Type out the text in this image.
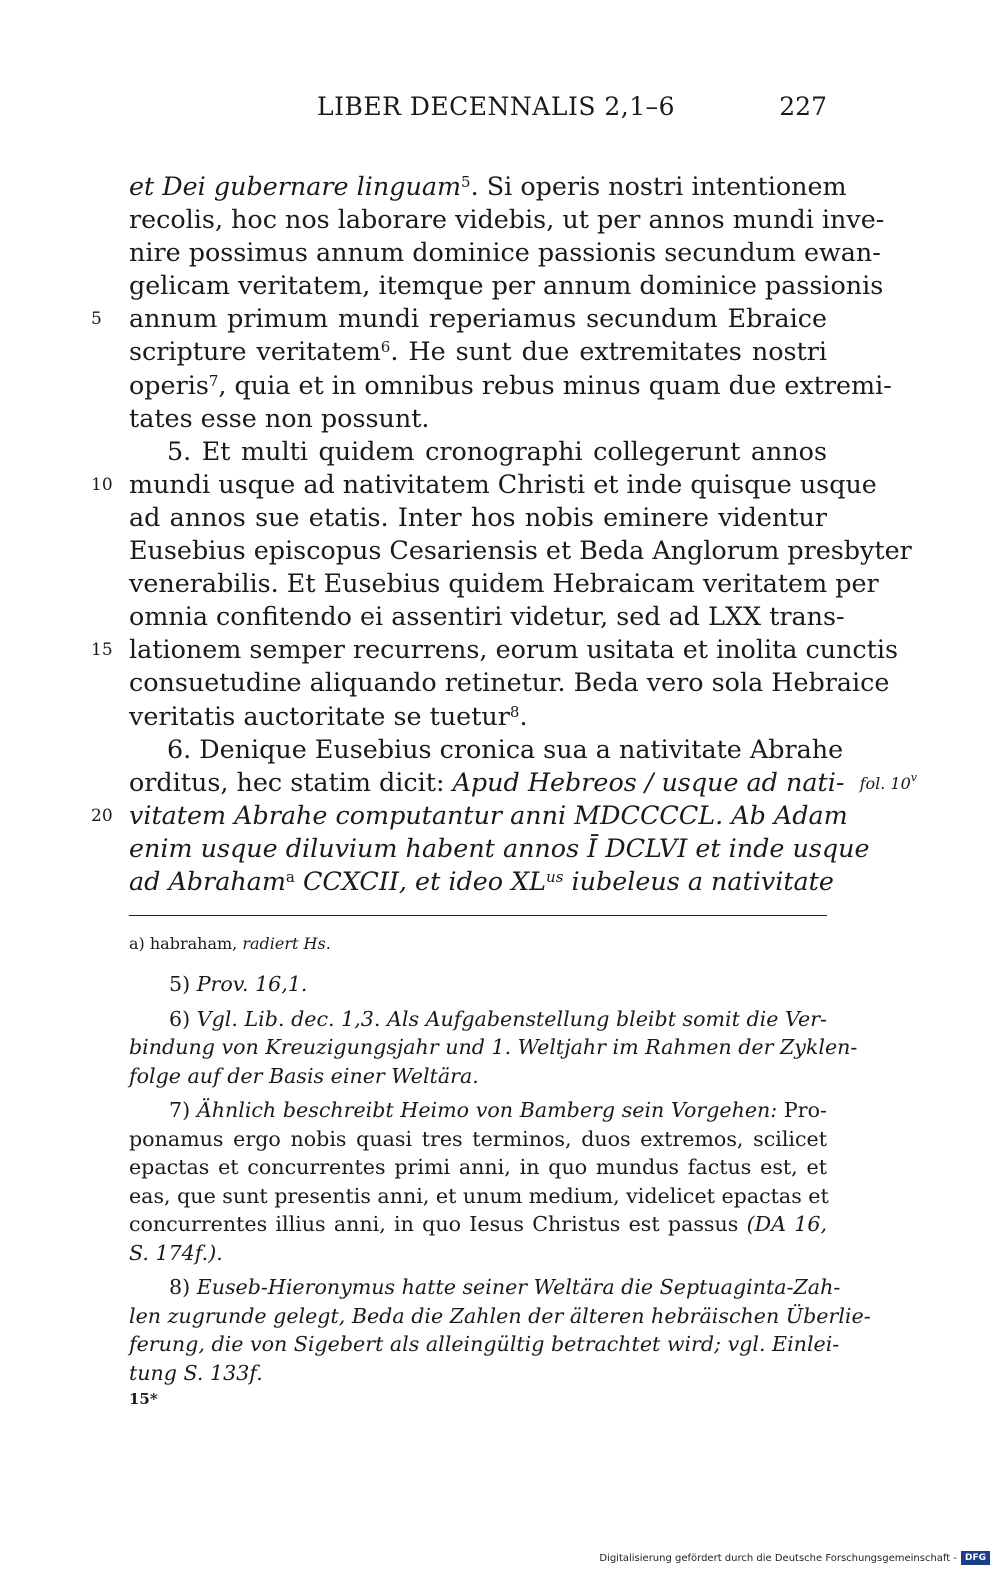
LIBER DECENNALIS 2,1–6	227
et Dei gubernare linguam$^5$. Si operis nostri intentionem
recolis, hoc nos laborare videbis, ut per annos mundi inve-
nire possimus annum dominice passionis secundum ewan-
gelicam veritatem, itemque per annum dominice passionis
annum primum mundi reperiamus secundum Ebraice
5
scripture veritatem$^6$. He sunt due extremitates nostri
operis$^7$, quia et in omnibus rebus minus quam due extremi-
tates esse non possunt.
5. Et multi quidem cronographi collegerunt annos
mundi usque ad nativitatem Christi et inde quisque usque
10
ad annos sue etatis. Inter hos nobis eminere videntur
Eusebius episcopus Cesariensis et Beda Anglorum presbyter
venerabilis. Et Eusebius quidem Hebraicam veritatem per
omnia confitendo ei assentiri videtur, sed ad LXX trans-
lationem semper recurrens, eorum usitata et inolita cunctis
15
consuetudine aliquando retinetur. Beda vero sola Hebraice
veritatis auctoritate se tuetur$^8$.
6. Denique Eusebius cronica sua a nativitate Abrahe
orditus, hec statim dicit: Apud Hebreos / usque ad nati- fol. 10$^v$
vitatem Abrahe computantur anni MDCCCCL. Ab Adam
20
enim usque diluvium habent annos Ī DCLVI et inde usque
ad Abraham$^a$ CCXCII, et ideo $XL^{us}$ iubeleus a nativitate
a) habraham, radiert Hs.
5) Prov. 16,1.
6) Vgl. Lib. dec. 1,3. Als Aufgabenstellung bleibt somit die Ver-
bindung von Kreuzigungsjahr und 1. Weltjahr im Rahmen der Zyklen-
folge auf der Basis einer Weltära.
7) Ähnlich beschreibt Heimo von Bamberg sein Vorgehen: Pro-
ponamus ergo nobis quasi tres terminos, duos extremos, scilicet
epactas et concurrentes primi anni, in quo mundus factus est, et
eas, que sunt presentis anni, et unum medium, videlicet epactas et
concurrentes illius anni, in quo Iesus Christus est passus (DA 16,
S. 174f.).
8) Euseb-Hieronymus hatte seiner Weltära die Septuaginta-Zah-
len zugrunde gelegt, Beda die Zahlen der älteren hebräischen Überlie-
ferung, die von Sigebert als alleingültig betrachtet wird; vgl. Einlei-
tung S. 133f.
15*
Digitalisierung gefördert durch die Deutsche Forschungsgemeinschaft - DFG
